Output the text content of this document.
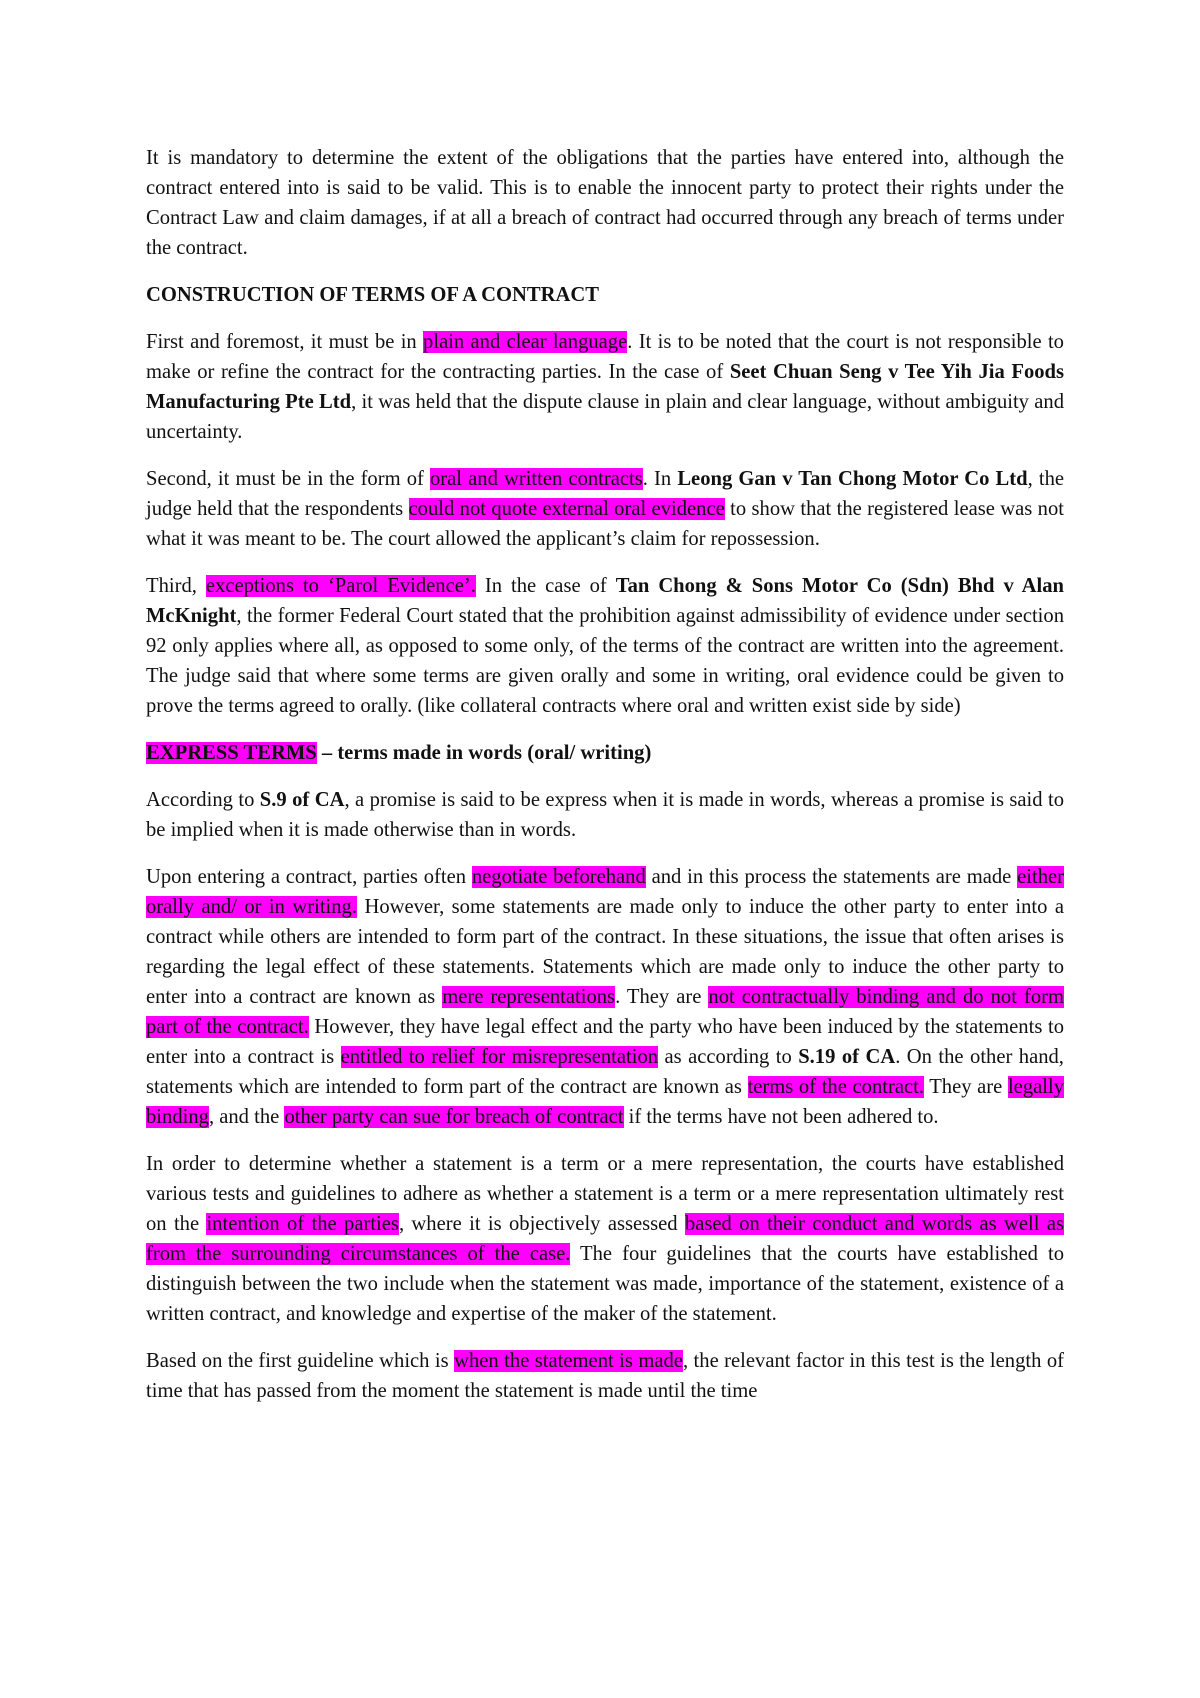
It is mandatory to determine the extent of the obligations that the parties have entered into, although the contract entered into is said to be valid. This is to enable the innocent party to protect their rights under the Contract Law and claim damages, if at all a breach of contract had occurred through any breach of terms under the contract.

CONSTRUCTION OF TERMS OF A CONTRACT

First and foremost, it must be in plain and clear language. It is to be noted that the court is not responsible to make or refine the contract for the contracting parties. In the case of Seet Chuan Seng v Tee Yih Jia Foods Manufacturing Pte Ltd, it was held that the dispute clause in plain and clear language, without ambiguity and uncertainty.

Second, it must be in the form of oral and written contracts. In Leong Gan v Tan Chong Motor Co Ltd, the judge held that the respondents could not quote external oral evidence to show that the registered lease was not what it was meant to be. The court allowed the applicant’s claim for repossession.

Third, exceptions to ‘Parol Evidence’. In the case of Tan Chong & Sons Motor Co (Sdn) Bhd v Alan McKnight, the former Federal Court stated that the prohibition against admissibility of evidence under section 92 only applies where all, as opposed to some only, of the terms of the contract are written into the agreement. The judge said that where some terms are given orally and some in writing, oral evidence could be given to prove the terms agreed to orally. (like collateral contracts where oral and written exist side by side)

EXPRESS TERMS – terms made in words (oral/ writing)

According to S.9 of CA, a promise is said to be express when it is made in words, whereas a promise is said to be implied when it is made otherwise than in words.

Upon entering a contract, parties often negotiate beforehand and in this process the statements are made either orally and/ or in writing. However, some statements are made only to induce the other party to enter into a contract while others are intended to form part of the contract. In these situations, the issue that often arises is regarding the legal effect of these statements. Statements which are made only to induce the other party to enter into a contract are known as mere representations. They are not contractually binding and do not form part of the contract. However, they have legal effect and the party who have been induced by the statements to enter into a contract is entitled to relief for misrepresentation as according to S.19 of CA. On the other hand, statements which are intended to form part of the contract are known as terms of the contract. They are legally binding, and the other party can sue for breach of contract if the terms have not been adhered to.

In order to determine whether a statement is a term or a mere representation, the courts have established various tests and guidelines to adhere as whether a statement is a term or a mere representation ultimately rest on the intention of the parties, where it is objectively assessed based on their conduct and words as well as from the surrounding circumstances of the case. The four guidelines that the courts have established to distinguish between the two include when the statement was made, importance of the statement, existence of a written contract, and knowledge and expertise of the maker of the statement.

Based on the first guideline which is when the statement is made, the relevant factor in this test is the length of time that has passed from the moment the statement is made until the time
